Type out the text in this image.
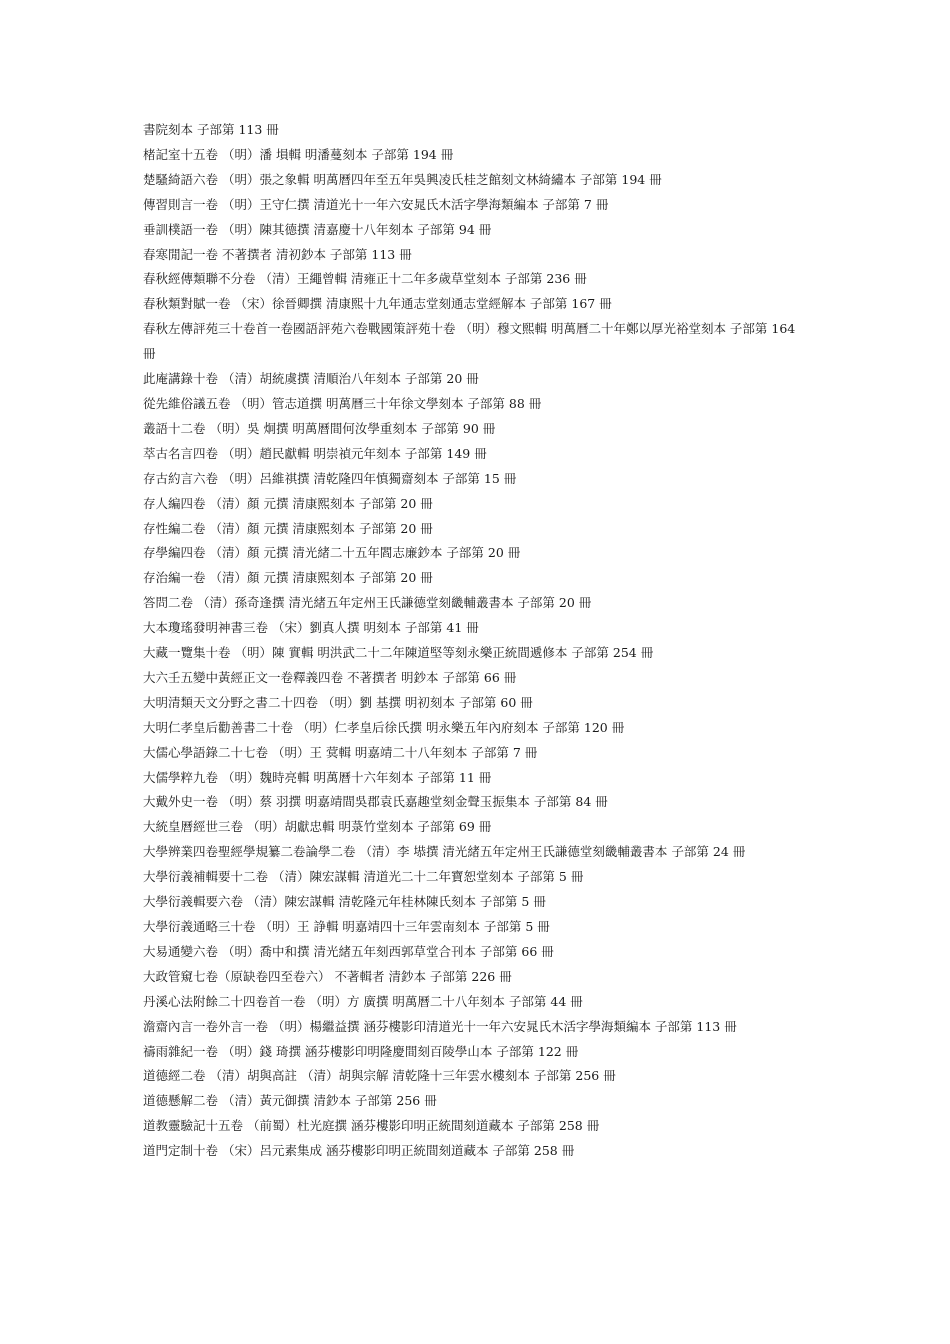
書院刻本 子部第 113 冊
楮記室十五卷 （明）潘 塤輯 明潘蔓刻本 子部第 194 冊
楚騷綺語六卷 （明）張之象輯 明萬曆四年至五年吳興凌氏桂芝館刻文林綺繡本 子部第 194 冊
傳習則言一卷 （明）王守仁撰 清道光十一年六安晁氏木活字學海類編本 子部第 7 冊
垂訓樸語一卷 （明）陳其德撰 清嘉慶十八年刻本 子部第 94 冊
春寒閒記一卷 不著撰者 清初鈔本 子部第 113 冊
春秋經傳類聯不分卷 （清）王繩曾輯 清雍正十二年多歲草堂刻本 子部第 236 冊
春秋類對賦一卷 （宋）徐晉卿撰 清康熙十九年通志堂刻通志堂經解本 子部第 167 冊
春秋左傳評苑三十卷首一卷國語評苑六卷戰國策評苑十卷 （明）穆文熙輯 明萬曆二十年鄭以厚光裕堂刻本 子部第 164 冊
此庵講錄十卷 （清）胡統虞撰 清順治八年刻本 子部第 20 冊
從先維俗議五卷 （明）管志道撰 明萬曆三十年徐文學刻本 子部第 88 冊
叢語十二卷 （明）吳 炯撰 明萬曆間何汝學重刻本 子部第 90 冊
萃古名言四卷 （明）趙民獻輯 明崇禎元年刻本 子部第 149 冊
存古約言六卷 （明）呂維祺撰 清乾隆四年慎獨齋刻本 子部第 15 冊
存人編四卷 （清）顏 元撰 清康熙刻本 子部第 20 冊
存性編二卷 （清）顏 元撰 清康熙刻本 子部第 20 冊
存學編四卷 （清）顏 元撰 清光緒二十五年閻志廉鈔本 子部第 20 冊
存治編一卷 （清）顏 元撰 清康熙刻本 子部第 20 冊
答問二卷 （清）孫奇逢撰 清光緒五年定州王氏謙德堂刻畿輔叢書本 子部第 20 冊
大本瓊瑤發明神書三卷 （宋）劉真人撰 明刻本 子部第 41 冊
大藏一覽集十卷 （明）陳 實輯 明洪武二十二年陳道堅等刻永樂正統間遞修本 子部第 254 冊
大六壬五變中黃經正文一卷釋義四卷 不著撰者 明鈔本 子部第 66 冊
大明清類天文分野之書二十四卷 （明）劉 基撰 明初刻本 子部第 60 冊
大明仁孝皇后勸善書二十卷 （明）仁孝皇后徐氏撰 明永樂五年內府刻本 子部第 120 冊
大儒心學語錄二十七卷 （明）王 蓂輯 明嘉靖二十八年刻本 子部第 7 冊
大儒學粹九卷 （明）魏時亮輯 明萬曆十六年刻本 子部第 11 冊
大戴外史一卷 （明）蔡 羽撰 明嘉靖間吳郡袁氏嘉趣堂刻金聲玉振集本 子部第 84 冊
大統皇曆經世三卷 （明）胡獻忠輯 明菉竹堂刻本 子部第 69 冊
大學辨業四卷聖經學規纂二卷論學二卷 （清）李 塨撰 清光緒五年定州王氏謙德堂刻畿輔叢書本 子部第 24 冊
大學衍義補輯要十二卷 （清）陳宏謀輯 清道光二十二年寶恕堂刻本 子部第 5 冊
大學衍義輯要六卷 （清）陳宏謀輯 清乾隆元年桂林陳氏刻本 子部第 5 冊
大學衍義通略三十卷 （明）王 諍輯 明嘉靖四十三年雲南刻本 子部第 5 冊
大易通變六卷 （明）喬中和撰 清光緒五年刻西郭草堂合刊本 子部第 66 冊
大政管窺七卷（原缺卷四至卷六） 不著輯者 清鈔本 子部第 226 冊
丹溪心法附餘二十四卷首一卷 （明）方 廣撰 明萬曆二十八年刻本 子部第 44 冊
澹齋內言一卷外言一卷 （明）楊繼益撰 涵芬樓影印清道光十一年六安晁氏木活字學海類編本 子部第 113 冊
禱雨雜紀一卷 （明）錢 琦撰 涵芬樓影印明隆慶間刻百陵學山本 子部第 122 冊
道德經二卷 （清）胡與高註 （清）胡與宗解 清乾隆十三年雲水樓刻本 子部第 256 冊
道德懸解二卷 （清）黃元御撰 清鈔本 子部第 256 冊
道教靈驗記十五卷 （前蜀）杜光庭撰 涵芬樓影印明正統間刻道藏本 子部第 258 冊
道門定制十卷 （宋）呂元素集成 涵芬樓影印明正統間刻道藏本 子部第 258 冊
